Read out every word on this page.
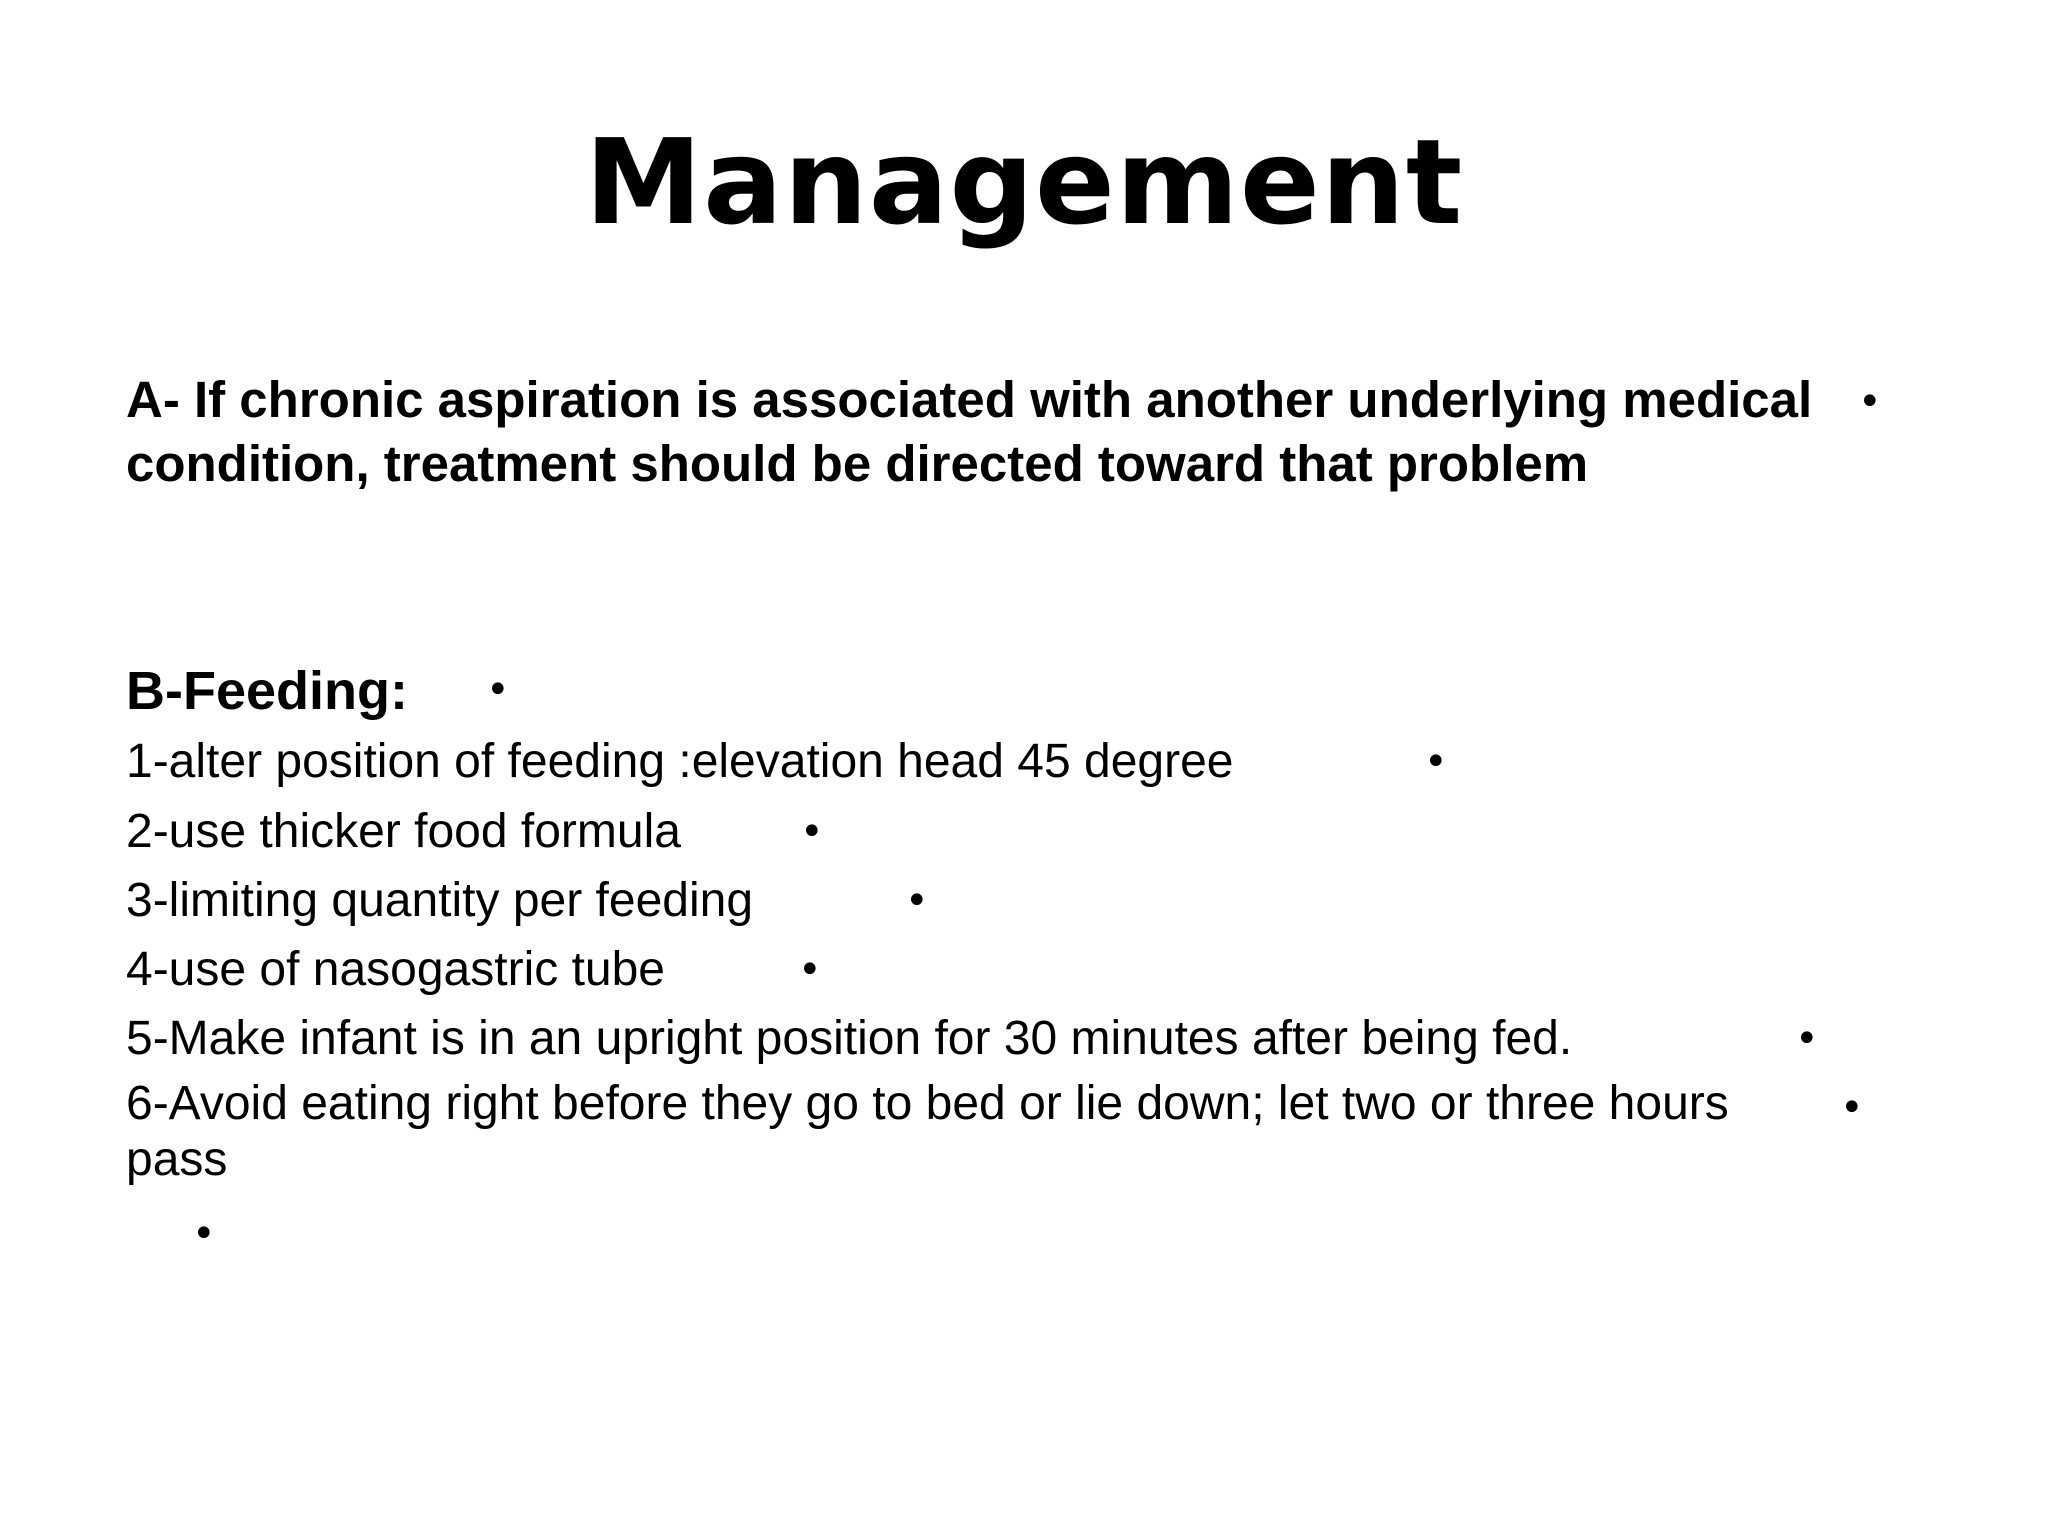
Management
A- If chronic aspiration is associated with another underlying medical condition, treatment should be directed toward that problem
•
B-Feeding: •
1-alter position of feeding :elevation head 45 degree	•
2-use thicker food formula	•
3-limiting quantity per feeding	•
4-use of nasogastric tube	•
5-Make infant is in an upright position for 30 minutes after being fed.	•
6-Avoid eating right before they go to bed or lie down; let two or three hours pass
•
•
